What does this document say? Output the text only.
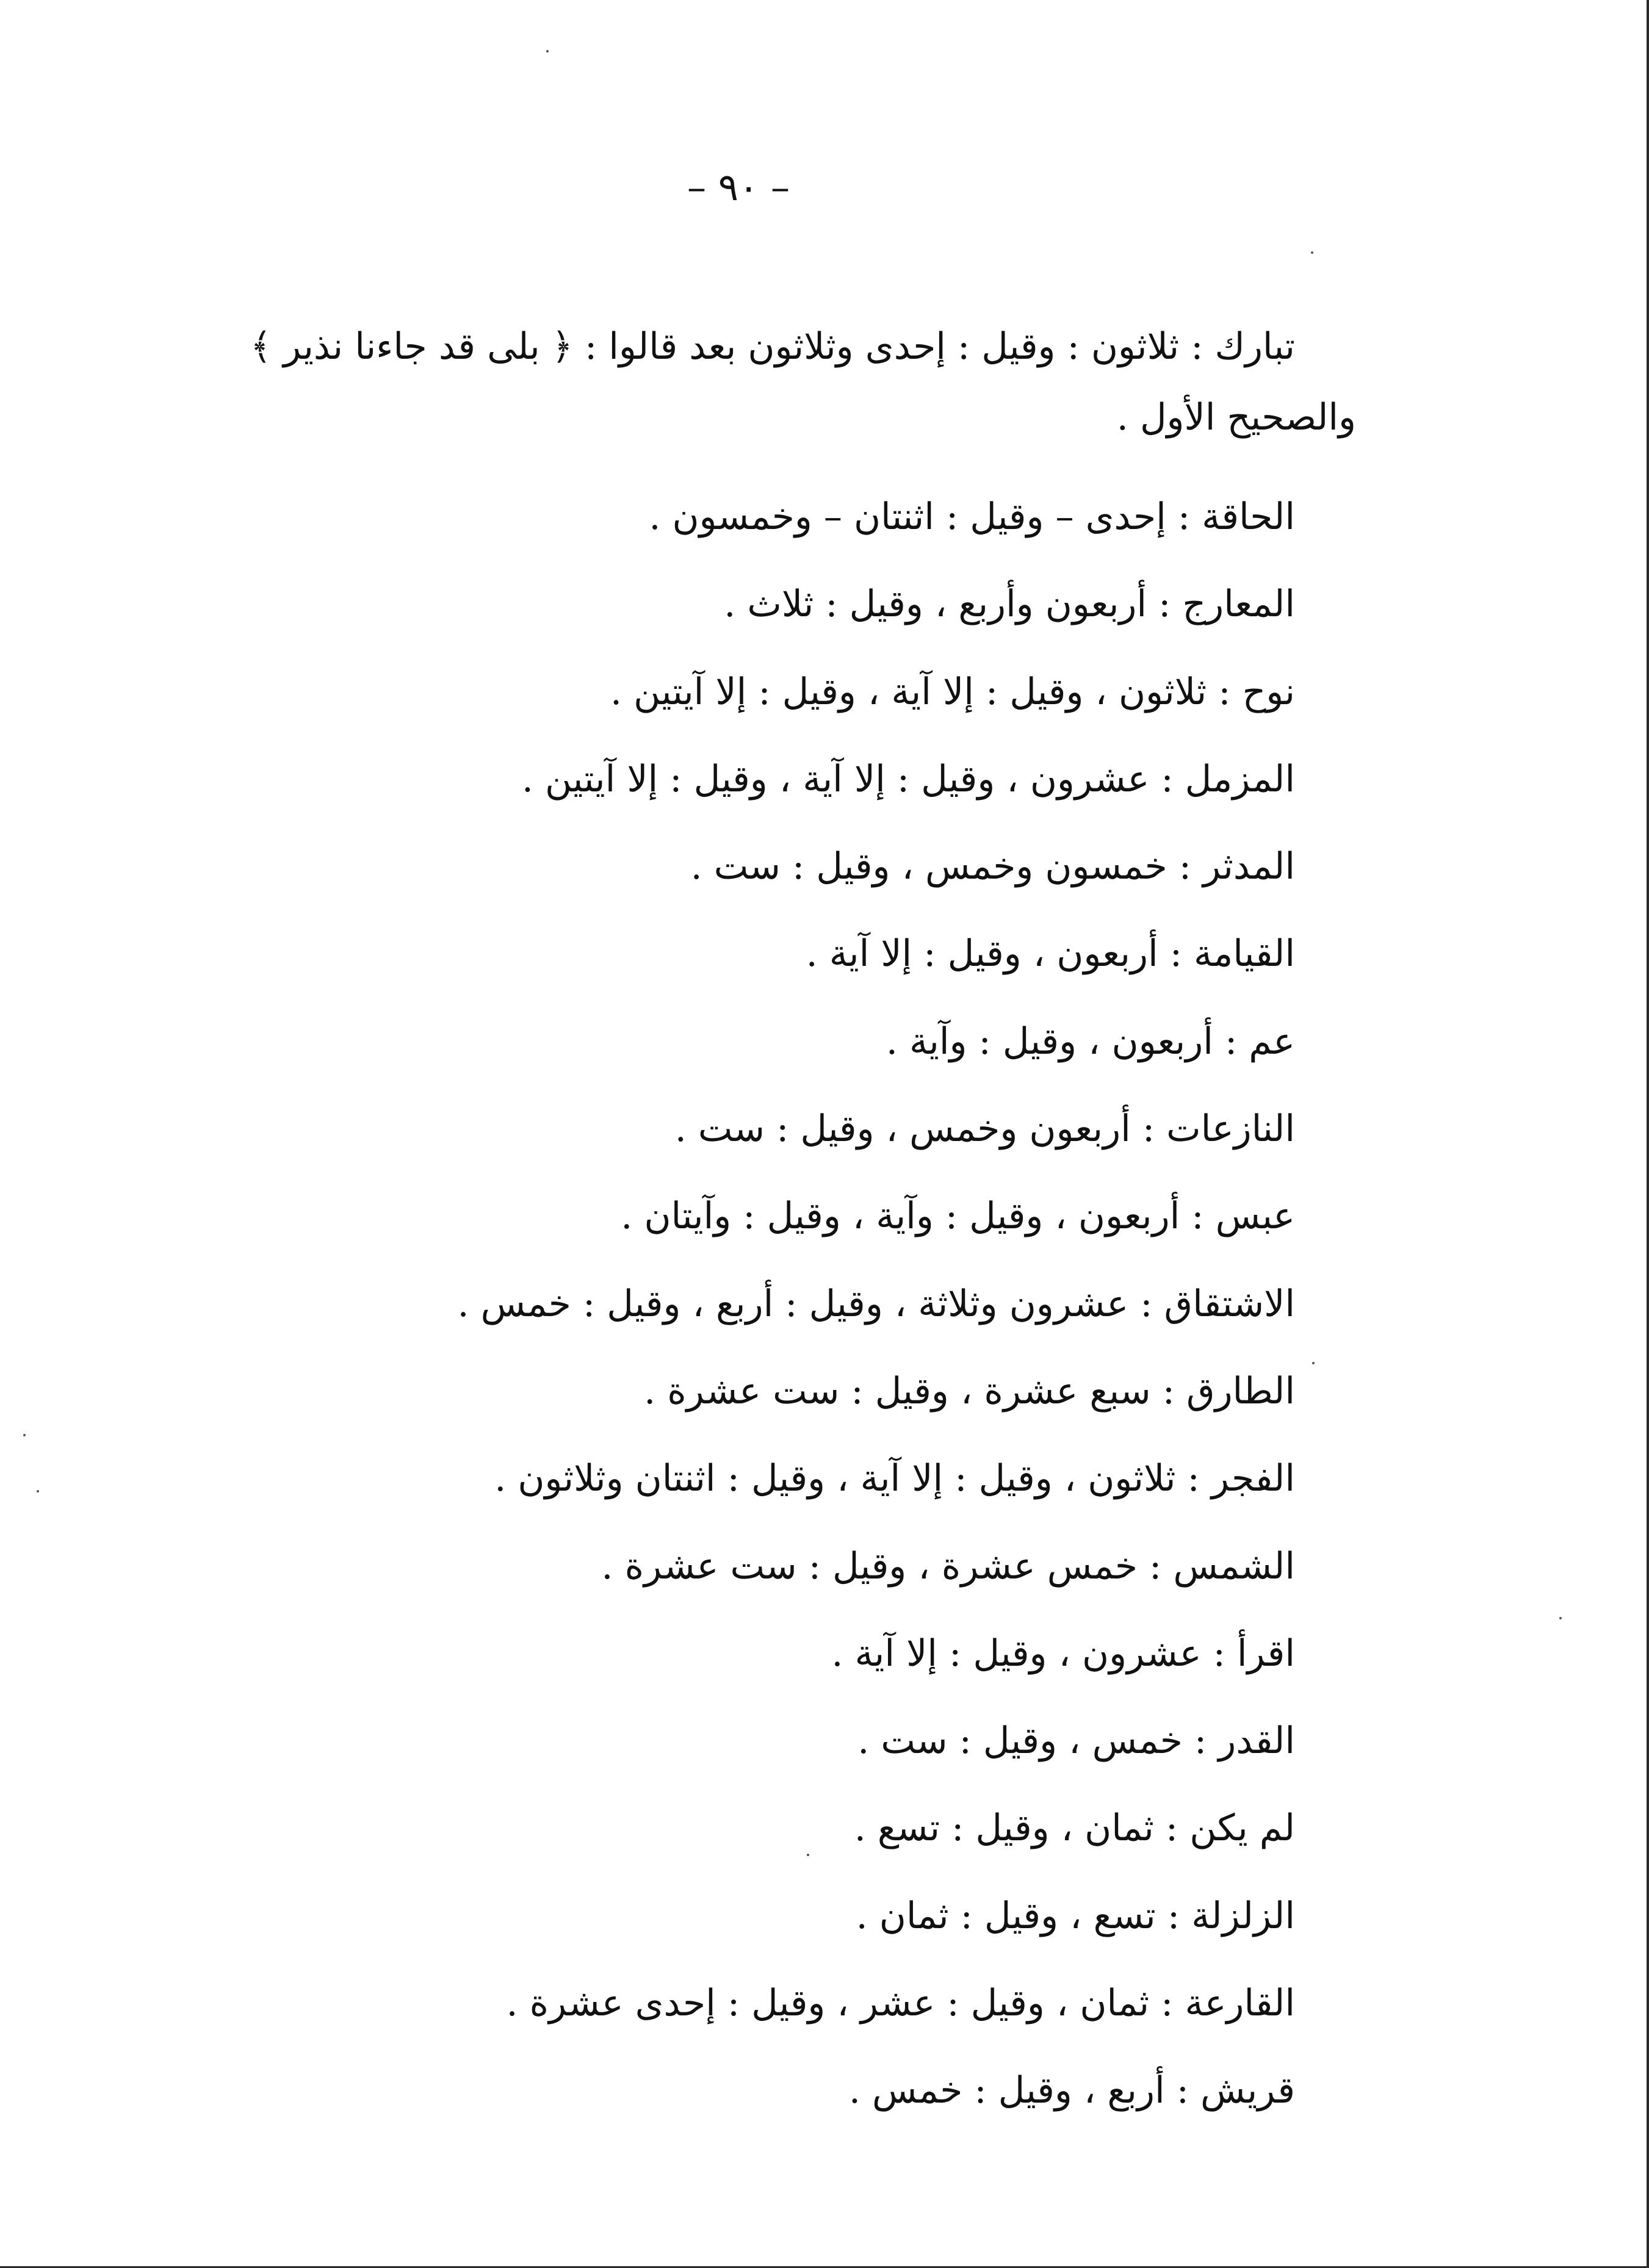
– ٩٠ –
تبارك : ثلاثون : وقيل : إحدى وثلاثون بعد قالوا : ﴿ بلى قد جاءنا نذير ﴾
والصحيح الأول .
الحاقة : إحدى – وقيل : اثنتان – وخمسون .
المعارج : أربعون وأربع ، وقيل : ثلاث .
نوح : ثلاثون ، وقيل : إلا آية ، وقيل : إلا آيتين .
المزمل : عشرون ، وقيل : إلا آية ، وقيل : إلا آيتين .
المدثر : خمسون وخمس ، وقيل : ست .
القيامة : أربعون ، وقيل : إلا آية .
عم : أربعون ، وقيل : وآية .
النازعات : أربعون وخمس ، وقيل : ست .
عبس : أربعون ، وقيل : وآية ، وقيل : وآيتان .
الاشتقاق : عشرون وثلاثة ، وقيل : أربع ، وقيل : خمس .
الطارق : سبع عشرة ، وقيل : ست عشرة .
الفجر : ثلاثون ، وقيل : إلا آية ، وقيل : اثنتان وثلاثون .
الشمس : خمس عشرة ، وقيل : ست عشرة .
اقرأ : عشرون ، وقيل : إلا آية .
القدر : خمس ، وقيل : ست .
لم يكن : ثمان ، وقيل : تسع .
الزلزلة : تسع ، وقيل : ثمان .
القارعة : ثمان ، وقيل : عشر ، وقيل : إحدى عشرة .
قريش : أربع ، وقيل : خمس .
